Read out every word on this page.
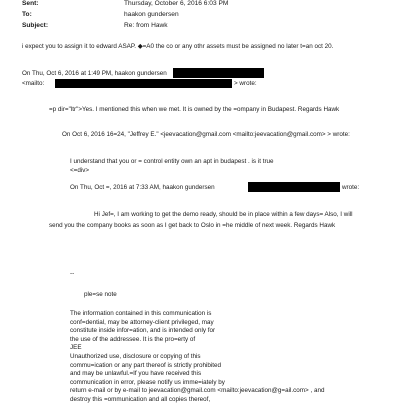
Sent:	Thursday, October 6, 2016 6:03 PM
To:	haakon gundersen
Subject:	Re: from Hawk
i expect you to assign it to edward ASAP. ◆=A0 the co or any othr assets must be assigned no later t=an oct 20.
On Thu, Oct 6, 2016 at 1:49 PM, haakon gundersen
<mailto:	> wrote:
=p dir="ltr">Yes. I mentioned this when we met. It is owned by the =ompany in Budapest. Regards Hawk
On Oct 6, 2016 16=24, "Jeffrey E." <jeevacation@gmail.com <mailto:jeevacation@gmail.com> > wrote:
I understand that you or = control entity own an apt in budapest . is it true
<=div>
On Thu, Oct =, 2016 at 7:33 AM, haakon gundersen	wrote:
Hi Jef=, I am working to get the demo ready, should be in place within a few days= Also, I will
send you the company books as soon as I get back to Oslo in =he middle of next week. Regards Hawk
--
ple=se note
The information contained in this communication is
conf=dential, may be attorney-client privileged, may
constitute inside infor=ation, and is intended only for
the use of the addressee. It is the pro=erty of
JEE
Unauthorized use, disclosure or copying of this
commu=ication or any part thereof is strictly prohibited
and may be unlawful.=If you have received this
communication in error, please notify us imme=iately by
return e-mail or by e-mail to jeevacation@gmail.com <mailto:jeevacation@g=ail.com> , and
destroy this =ommunication and all copies thereof,
